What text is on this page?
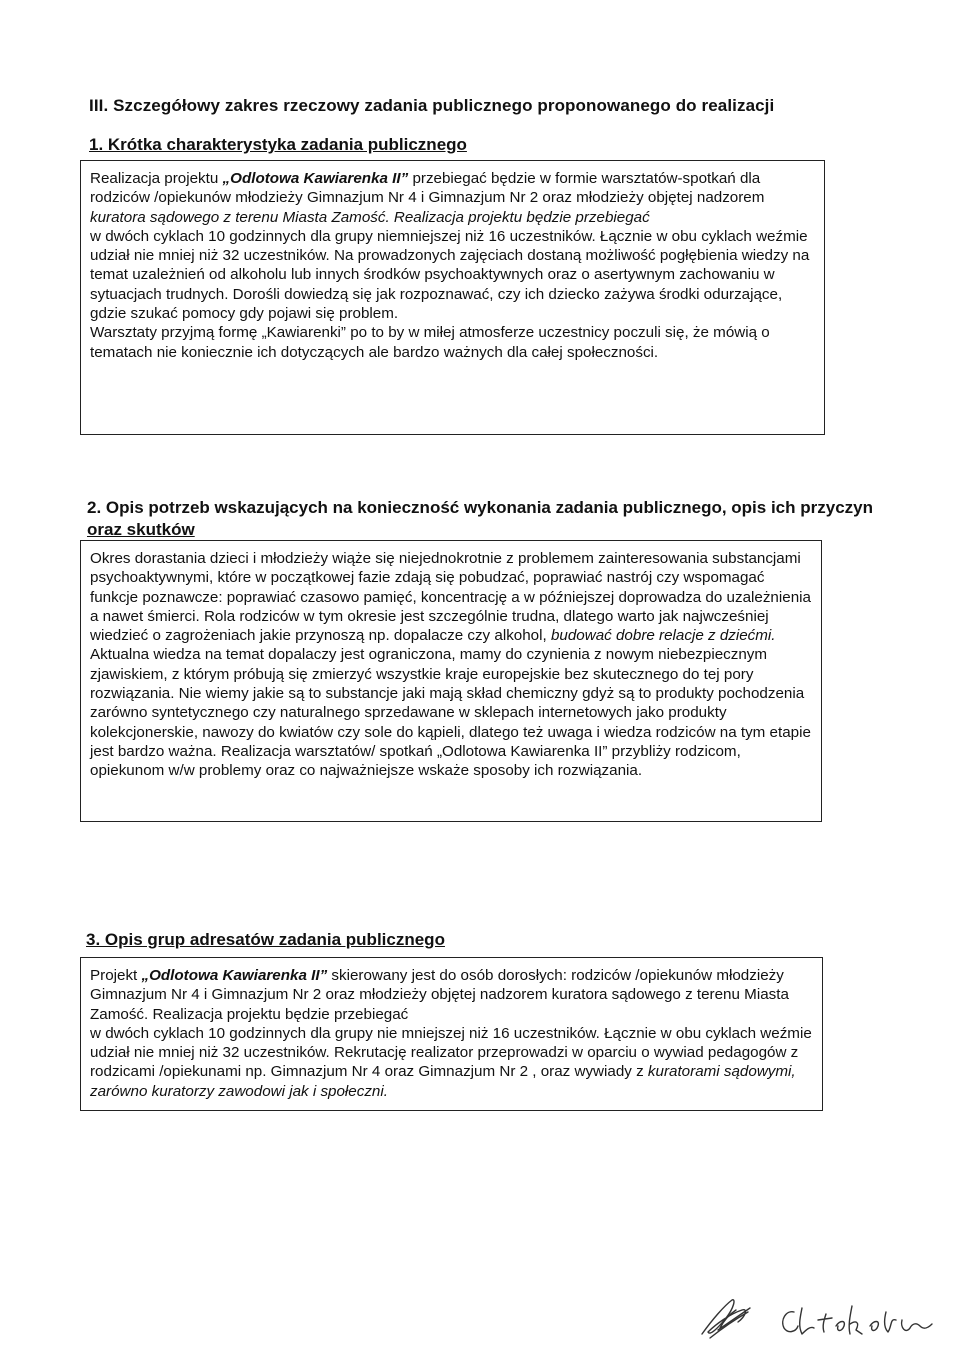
III. Szczegółowy zakres rzeczowy zadania publicznego proponowanego do realizacji
1. Krótka charakterystyka zadania publicznego

Realizacja projektu „Odlotowa Kawiarenka II” przebiegać będzie w formie warsztatów-spotkań dla rodziców /opiekunów młodzieży Gimnazjum Nr 4 i Gimnazjum Nr 2 oraz młodzieży objętej nadzorem kuratora sądowego z terenu Miasta Zamość. Realizacja projektu będzie przebiegać

w dwóch cyklach 10 godzinnych dla grupy niemniejszej niż 16 uczestników. Łącznie w obu cyklach weźmie udział nie mniej niż 32 uczestników. Na prowadzonych zajęciach dostaną możliwość pogłębienia wiedzy na temat uzależnień od alkoholu lub innych środków psychoaktywnych oraz o asertywnym zachowaniu w sytuacjach trudnych. Dorośli dowiedzą się jak rozpoznawać, czy ich dziecko zażywa środki odurzające, gdzie szukać pomocy gdy pojawi się problem.

Warsztaty przyjmą formę „Kawiarenki” po to by w miłej atmosferze uczestnicy poczuli się, że mówią o tematach nie koniecznie ich dotyczących ale bardzo ważnych dla całej społeczności.

2. Opis potrzeb wskazujących na konieczność wykonania zadania publicznego, opis ich przyczyn
oraz skutków

Okres dorastania dzieci i młodzieży wiąże się niejednokrotnie z problemem zainteresowania substancjami psychoaktywnymi, które w początkowej fazie zdają się pobudzać, poprawiać nastrój czy wspomagać funkcje poznawcze: poprawiać czasowo pamięć, koncentrację a w późniejszej doprowadza do uzależnienia a nawet śmierci. Rola rodziców w tym okresie jest szczególnie trudna, dlatego warto jak najwcześniej wiedzieć o zagrożeniach jakie przynoszą np. dopalacze czy alkohol, budować dobre relacje z dziećmi.

Aktualna wiedza na temat dopalaczy jest ograniczona, mamy do czynienia z nowym niebezpiecznym zjawiskiem, z którym próbują się zmierzyć wszystkie kraje europejskie bez skutecznego do tej pory rozwiązania. Nie wiemy jakie są to substancje jaki mają skład chemiczny gdyż są to produkty pochodzenia zarówno syntetycznego czy naturalnego sprzedawane w sklepach internetowych jako produkty kolekcjonerskie, nawozy do kwiatów czy sole do kąpieli, dlatego też uwaga i wiedza rodziców na tym etapie jest bardzo ważna. Realizacja warsztatów/ spotkań „Odlotowa Kawiarenka II” przybliży rodzicom, opiekunom w/w problemy oraz co najważniejsze wskaże sposoby ich rozwiązania.

3. Opis grup adresatów zadania publicznego

Projekt „Odlotowa Kawiarenka II” skierowany jest do osób dorosłych: rodziców /opiekunów młodzieży Gimnazjum Nr 4 i Gimnazjum Nr 2 oraz młodzieży objętej nadzorem kuratora sądowego z terenu Miasta Zamość. Realizacja projektu będzie przebiegać

w dwóch cyklach 10 godzinnych dla grupy nie mniejszej niż 16 uczestników. Łącznie w obu cyklach weźmie udział nie mniej niż 32 uczestników. Rekrutację realizator przeprowadzi w oparciu o wywiad pedagogów z rodzicami /opiekunami np. Gimnazjum Nr 4 oraz Gimnazjum Nr 2 , oraz wywiady z kuratorami sądowymi, zarówno kuratorzy zawodowi jak i społeczni.
